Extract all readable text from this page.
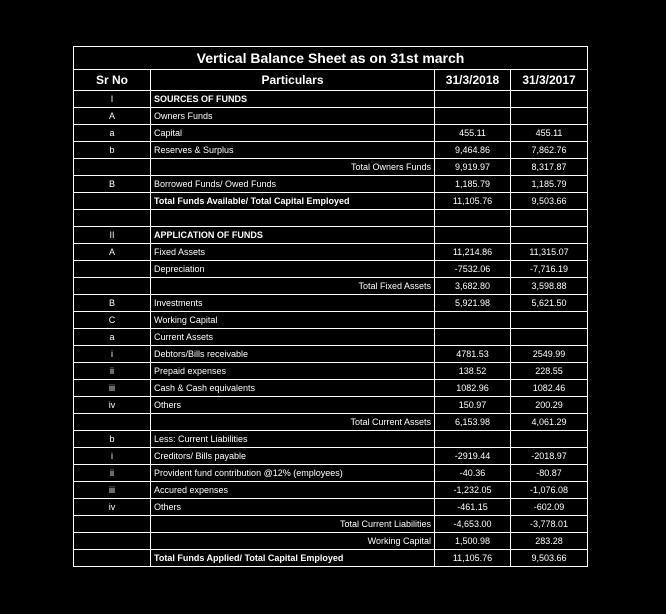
Vertical Balance Sheet as on 31st march			
Sr No	Particulars	31/3/2018	31/3/2017
I	SOURCES OF FUNDS		
A	Owners Funds		
a	Capital	455.11	455.11
b	Reserves & Surplus	9,464.86	7,862.76
	Total Owners Funds	9,919.97	8,317.87
B	Borrowed Funds/ Owed Funds	1,185.79	1,185.79
	Total Funds Available/ Total Capital Employed	11,105.76	9,503.66

II	APPLICATION OF FUNDS		
A	Fixed Assets	11,214.86	11,315.07
	Depreciation	-7532.06	-7,716.19
	Total Fixed Assets	3,682.80	3,598.88
B	Investments	5,921.98	5,621.50
C	Working Capital		
a	Current Assets		
i	Debtors/Bills receivable	4781.53	2549.99
ii	Prepaid expenses	138.52	228.55
iii	Cash & Cash equivalents	1082.96	1082.46
iv	Others	150.97	200.29
	Total Current Assets	6,153.98	4,061.29
b	Less: Current Liabilities		
i	Creditors/ Bills payable	-2919.44	-2018.97
ii	Provident fund contribution @12% (employees)	-40.36	-80.87
iii	Accured expenses	-1,232.05	-1,076.08
iv	Others	-461.15	-602.09
	Total Current Liabilities	-4,653.00	-3,778.01
	Working Capital	1,500.98	283.28
	Total Funds Applied/ Total Capital Employed	11,105.76	9,503.66
